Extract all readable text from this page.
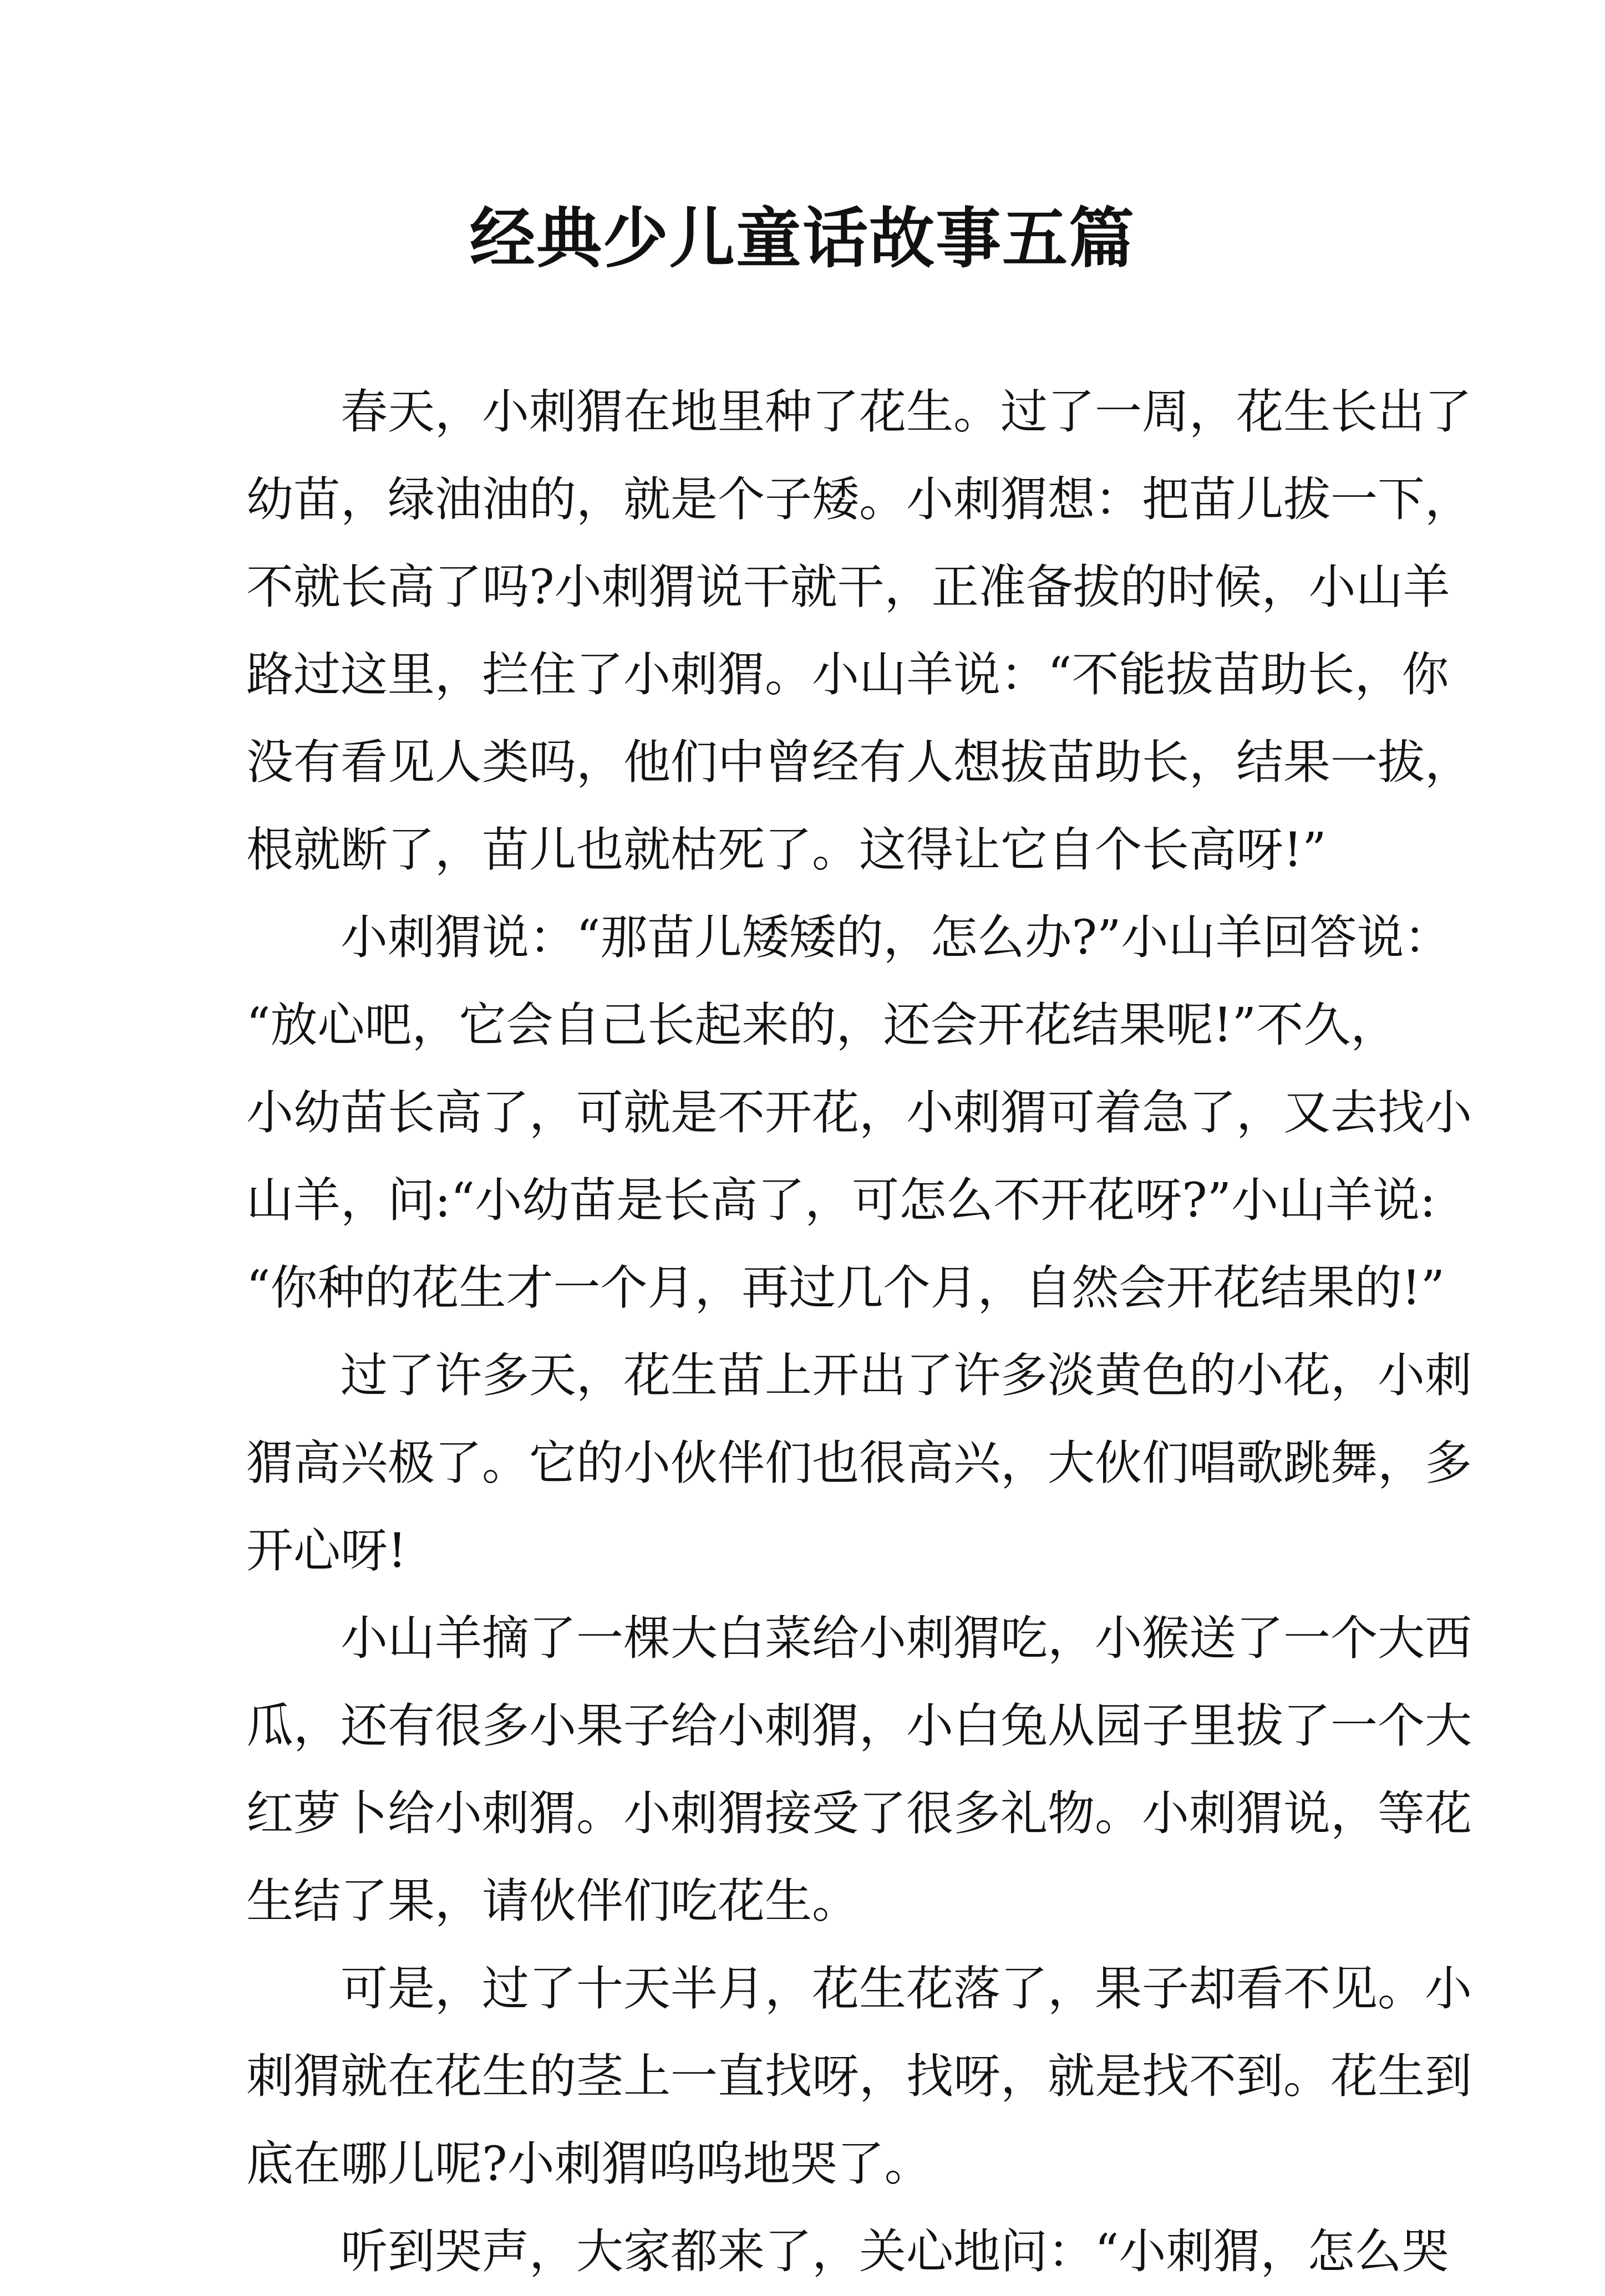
经典少儿童话故事五篇
春天，小刺猬在地里种了花生。过了一周，花生长出了
幼苗，绿油油的，就是个子矮。小刺猬想：把苗儿拔一下，
不就长高了吗?小刺猬说干就干，正准备拔的时候，小山羊
路过这里，拦住了小刺猬。小山羊说：“不能拔苗助长，你
没有看见人类吗，他们中曾经有人想拔苗助长，结果一拔，
根就断了，苗儿也就枯死了。这得让它自个长高呀!”
小刺猬说：“那苗儿矮矮的，怎么办?”小山羊回答说：
“放心吧，它会自己长起来的，还会开花结果呢!”不久，
小幼苗长高了，可就是不开花，小刺猬可着急了，又去找小
山羊，问:“小幼苗是长高了，可怎么不开花呀?”小山羊说:
“你种的花生才一个月，再过几个月，自然会开花结果的!”
过了许多天，花生苗上开出了许多淡黄色的小花，小刺
猬高兴极了。它的小伙伴们也很高兴，大伙们唱歌跳舞，多
开心呀!
小山羊摘了一棵大白菜给小刺猬吃，小猴送了一个大西
瓜，还有很多小果子给小刺猬，小白兔从园子里拔了一个大
红萝卜给小刺猬。小刺猬接受了很多礼物。小刺猬说，等花
生结了果，请伙伴们吃花生。
可是，过了十天半月，花生花落了，果子却看不见。小
刺猬就在花生的茎上一直找呀，找呀，就是找不到。花生到
底在哪儿呢?小刺猬呜呜地哭了。
听到哭声，大家都来了，关心地问：“小刺猬，怎么哭
